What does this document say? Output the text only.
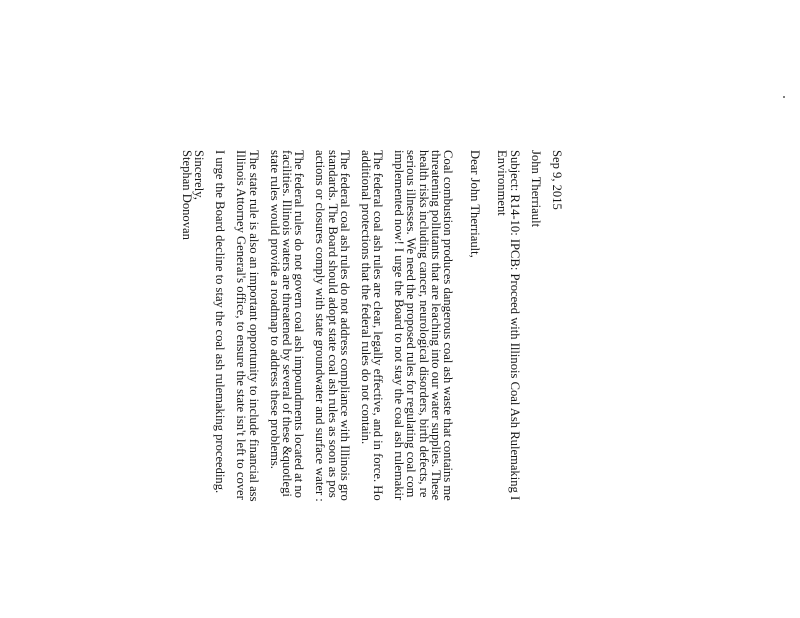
Sep 9, 2015
John Therriault
Subject: R14-10: IPCB: Proceed with Illinois Coal Ash Rulemaking I
Environment
Dear John Therriault,
Coal combustion produces dangerous coal ash waste that contains me
threatening pollutants that are leaching into our water supplies. These
health risks including cancer, neurological disorders, birth defects, re
serious illnesses. We need the proposed rules for regulating coal com
implemented now! I urge the Board to not stay the coal ash rulemakir
The federal coal ash rules are clear, legally effective, and in force. Ho
additional protections that the federal rules do not contain.
The federal coal ash rules do not address compliance with Illinois gro
standards. The Board should adopt state coal ash rules as soon as pos
actions or closures comply with state groundwater and surface water :
The federal rules do not govern coal ash impoundments located at no
facilities. Illinois waters are threatened by several of these &quotlegi
state rules would provide a roadmap to address these problems.
The state rule is also an important opportunity to include financial ass
Illinois Attorney General's office, to ensure the state isn't left to cover
I urge the Board decline to stay the coal ash rulemaking proceeding.
Sincerely,
Stephan Donovan
